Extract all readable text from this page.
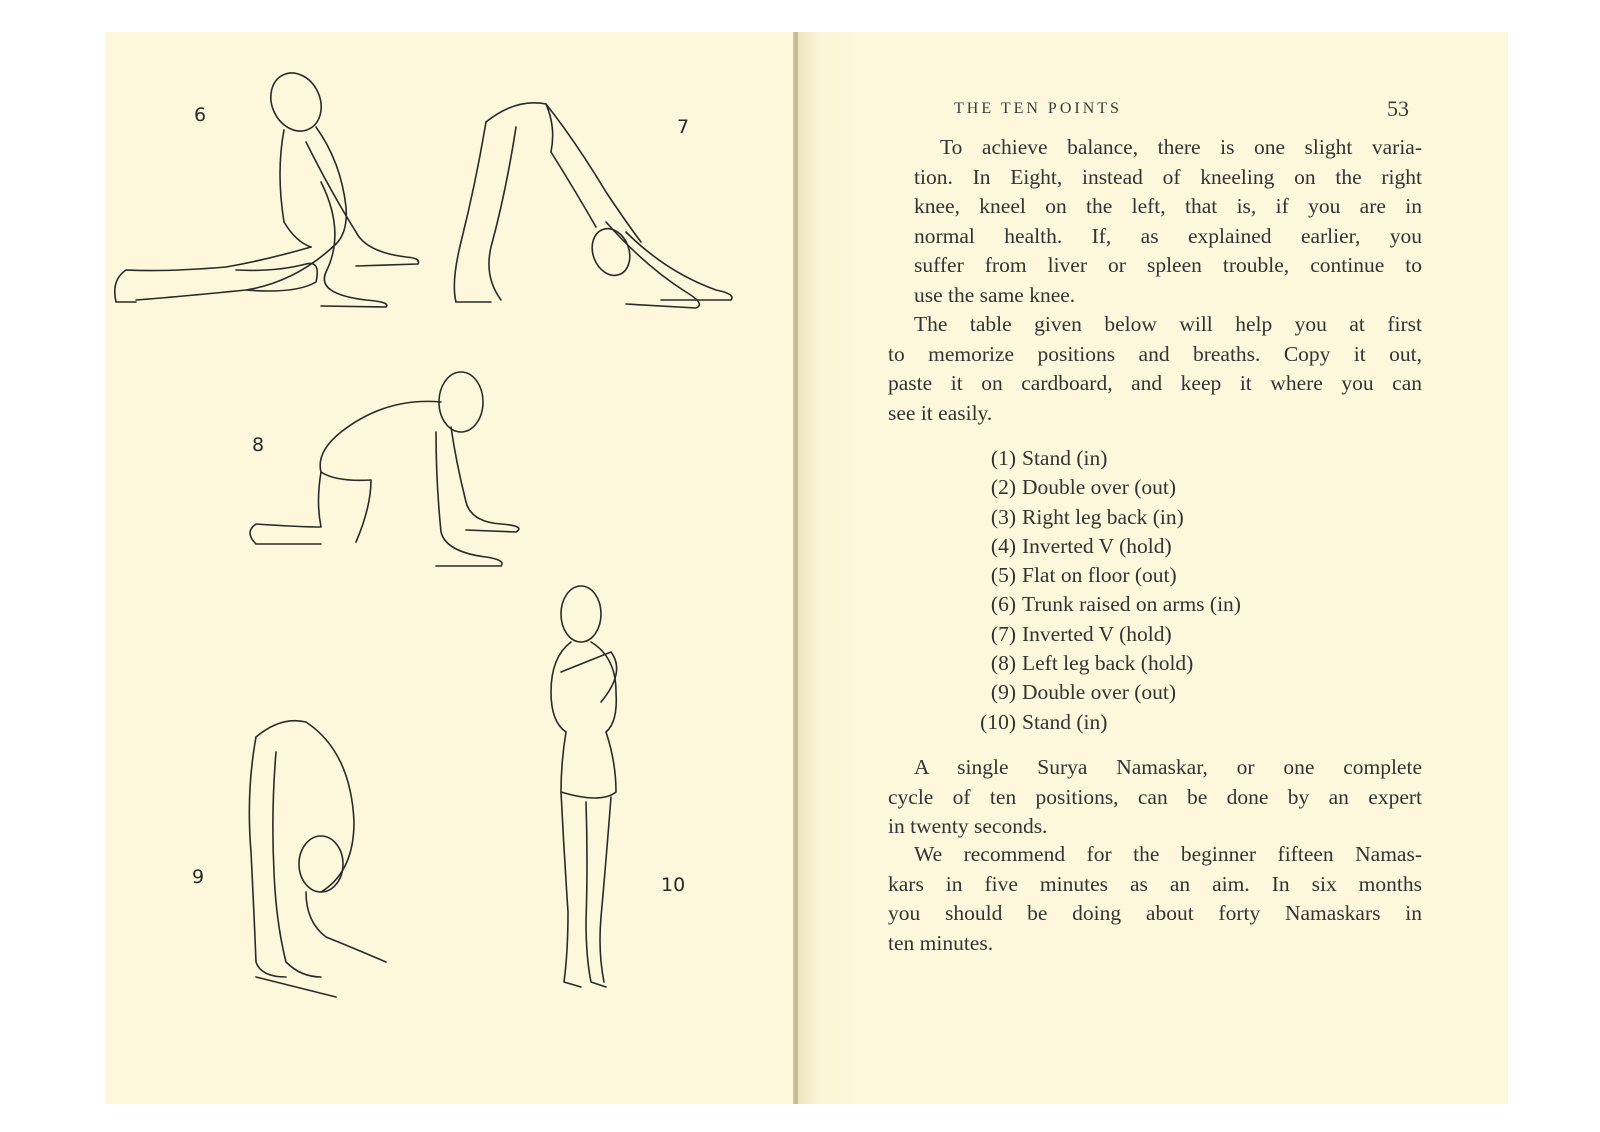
6
7
8
9	10
THE TEN POINTS	53
To achieve balance, there is one slight varia-
tion. In Eight, instead of kneeling on the right
knee, kneel on the left, that is, if you are in
normal health. If, as explained earlier, you
suffer from liver or spleen trouble, continue to
use the same knee.
The table given below will help you at first
to memorize positions and breaths. Copy it out,
paste it on cardboard, and keep it where you can
see it easily.
(1) Stand (in)
(2) Double over (out)
(3) Right leg back (in)
(4) Inverted V (hold)
(5) Flat on floor (out)
(6) Trunk raised on arms (in)
(7) Inverted V (hold)
(8) Left leg back (hold)
(9) Double over (out)
(10) Stand (in)
A single Surya Namaskar, or one complete
cycle of ten positions, can be done by an expert
in twenty seconds.
We recommend for the beginner fifteen Namas-
kars in five minutes as an aim. In six months
you should be doing about forty Namaskars in
ten minutes.
